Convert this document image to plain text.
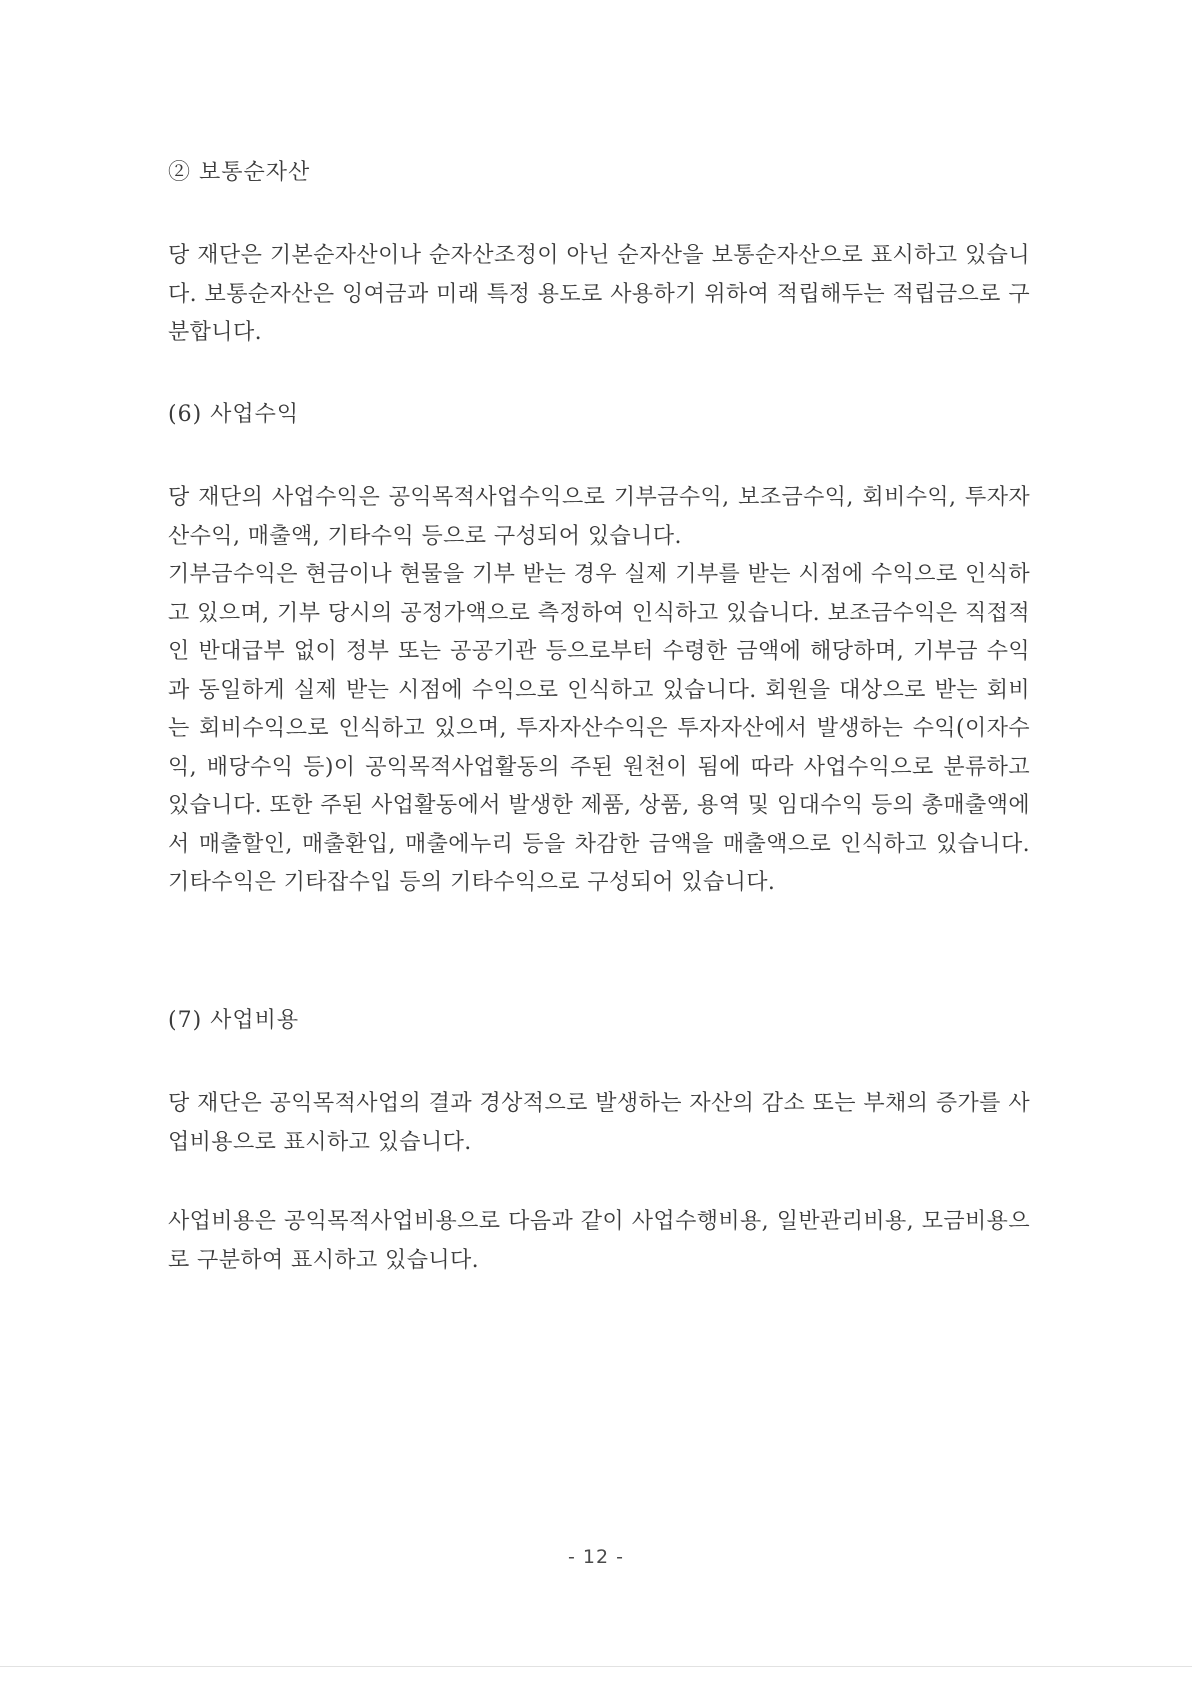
② 보통순자산

당 재단은 기본순자산이나 순자산조정이 아닌 순자산을 보통순자산으로 표시하고 있습니다. 보통순자산은 잉여금과 미래 특정 용도로 사용하기 위하여 적립해두는 적립금으로 구분합니다.

(6) 사업수익

당 재단의 사업수익은 공익목적사업수익으로 기부금수익, 보조금수익, 회비수익, 투자자산수익, 매출액, 기타수익 등으로 구성되어 있습니다.

기부금수익은 현금이나 현물을 기부 받는 경우 실제 기부를 받는 시점에 수익으로 인식하고 있으며, 기부 당시의 공정가액으로 측정하여 인식하고 있습니다. 보조금수익은 직접적인 반대급부 없이 정부 또는 공공기관 등으로부터 수령한 금액에 해당하며, 기부금 수익과 동일하게 실제 받는 시점에 수익으로 인식하고 있습니다. 회원을 대상으로 받는 회비는 회비수익으로 인식하고 있으며, 투자자산수익은 투자자산에서 발생하는 수익(이자수익, 배당수익 등)이 공익목적사업활동의 주된 원천이 됨에 따라 사업수익으로 분류하고 있습니다. 또한 주된 사업활동에서 발생한 제품, 상품, 용역 및 임대수익 등의 총매출액에서 매출할인, 매출환입, 매출에누리 등을 차감한 금액을 매출액으로 인식하고 있습니다. 기타수익은 기타잡수입 등의 기타수익으로 구성되어 있습니다.

(7) 사업비용

당 재단은 공익목적사업의 결과 경상적으로 발생하는 자산의 감소 또는 부채의 증가를 사업비용으로 표시하고 있습니다.

사업비용은 공익목적사업비용으로 다음과 같이 사업수행비용, 일반관리비용, 모금비용으로 구분하여 표시하고 있습니다.

- 12 -
